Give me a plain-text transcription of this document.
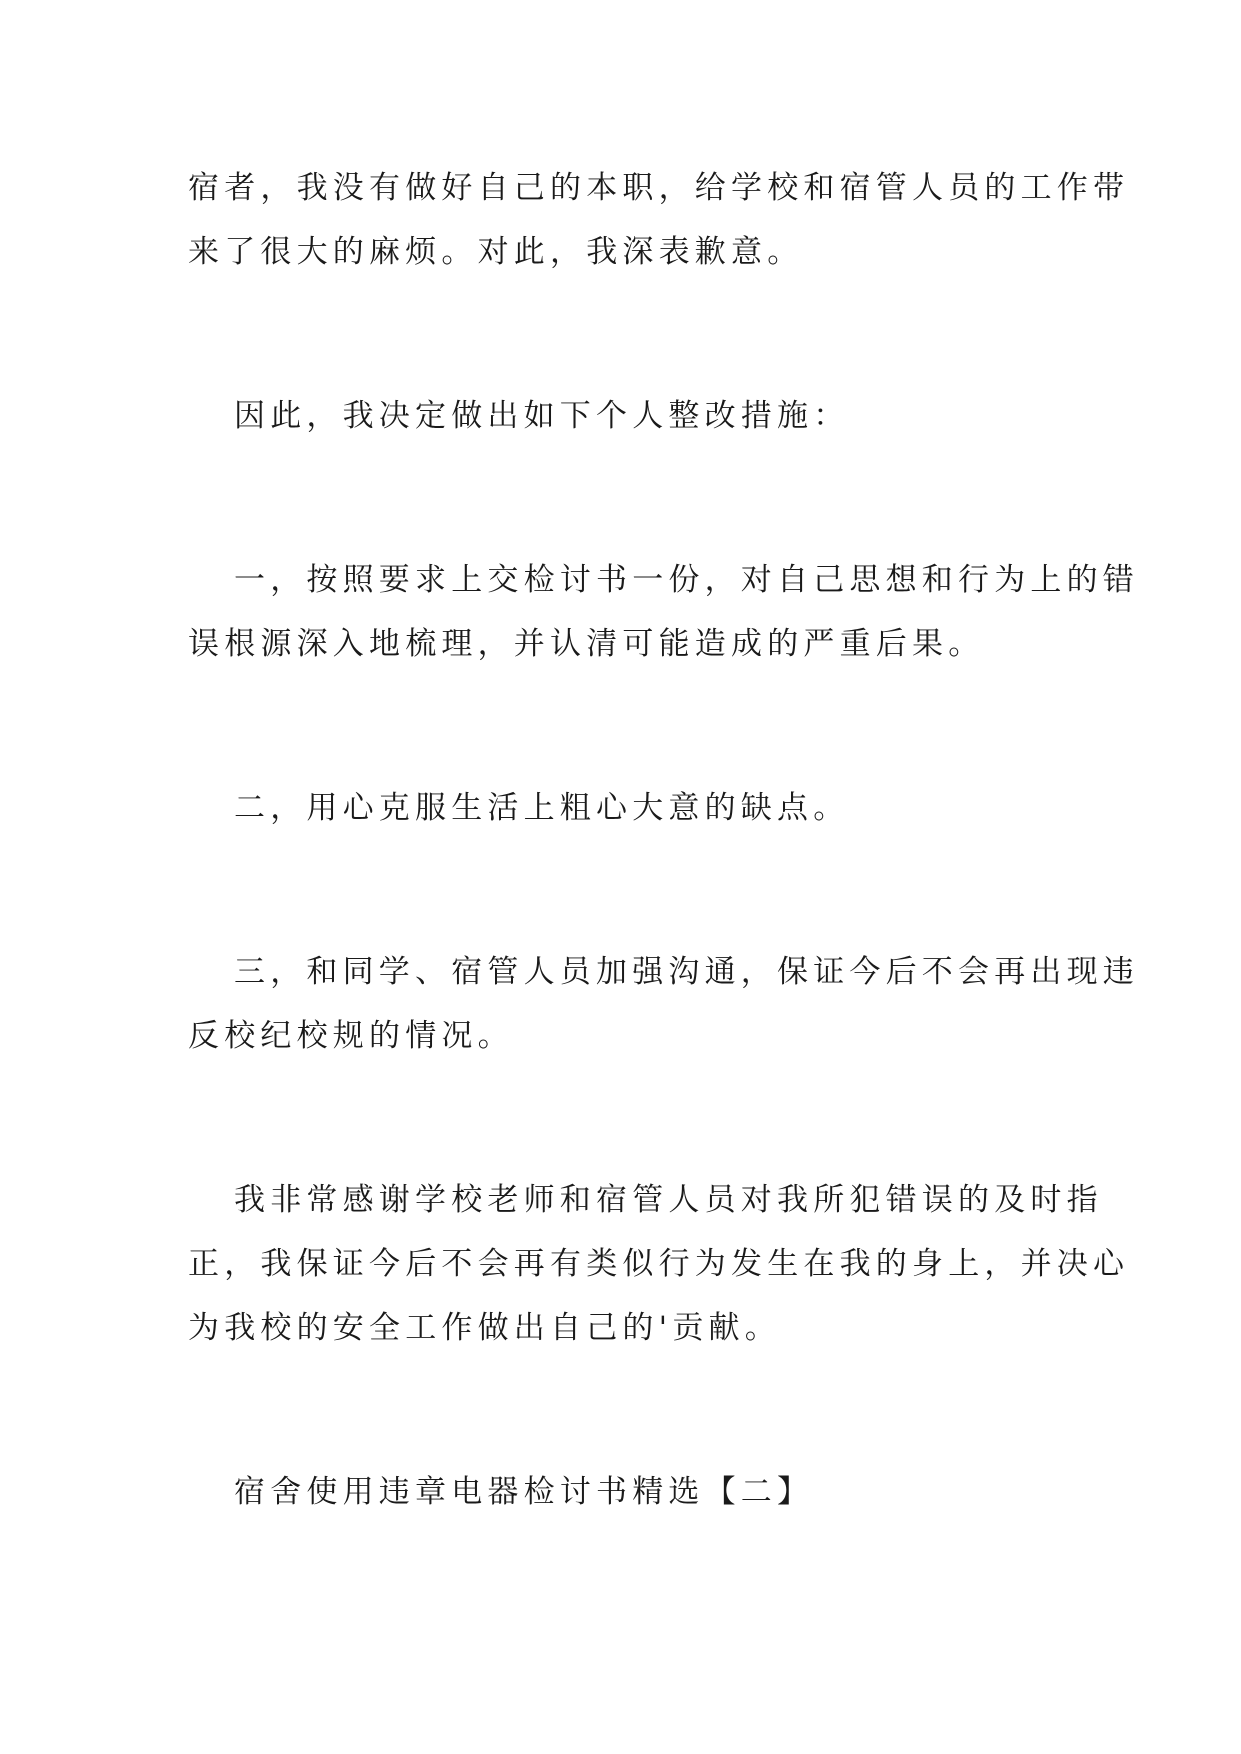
宿者，我没有做好自己的本职，给学校和宿管人员的工作带
来了很大的麻烦。对此，我深表歉意。
因此，我决定做出如下个人整改措施：
一，按照要求上交检讨书一份，对自己思想和行为上的错
误根源深入地梳理，并认清可能造成的严重后果。
二，用心克服生活上粗心大意的缺点。
三，和同学、宿管人员加强沟通，保证今后不会再出现违
反校纪校规的情况。
我非常感谢学校老师和宿管人员对我所犯错误的及时指
正，我保证今后不会再有类似行为发生在我的身上，并决心
为我校的安全工作做出自己的'贡献。
宿舍使用违章电器检讨书精选【二】
